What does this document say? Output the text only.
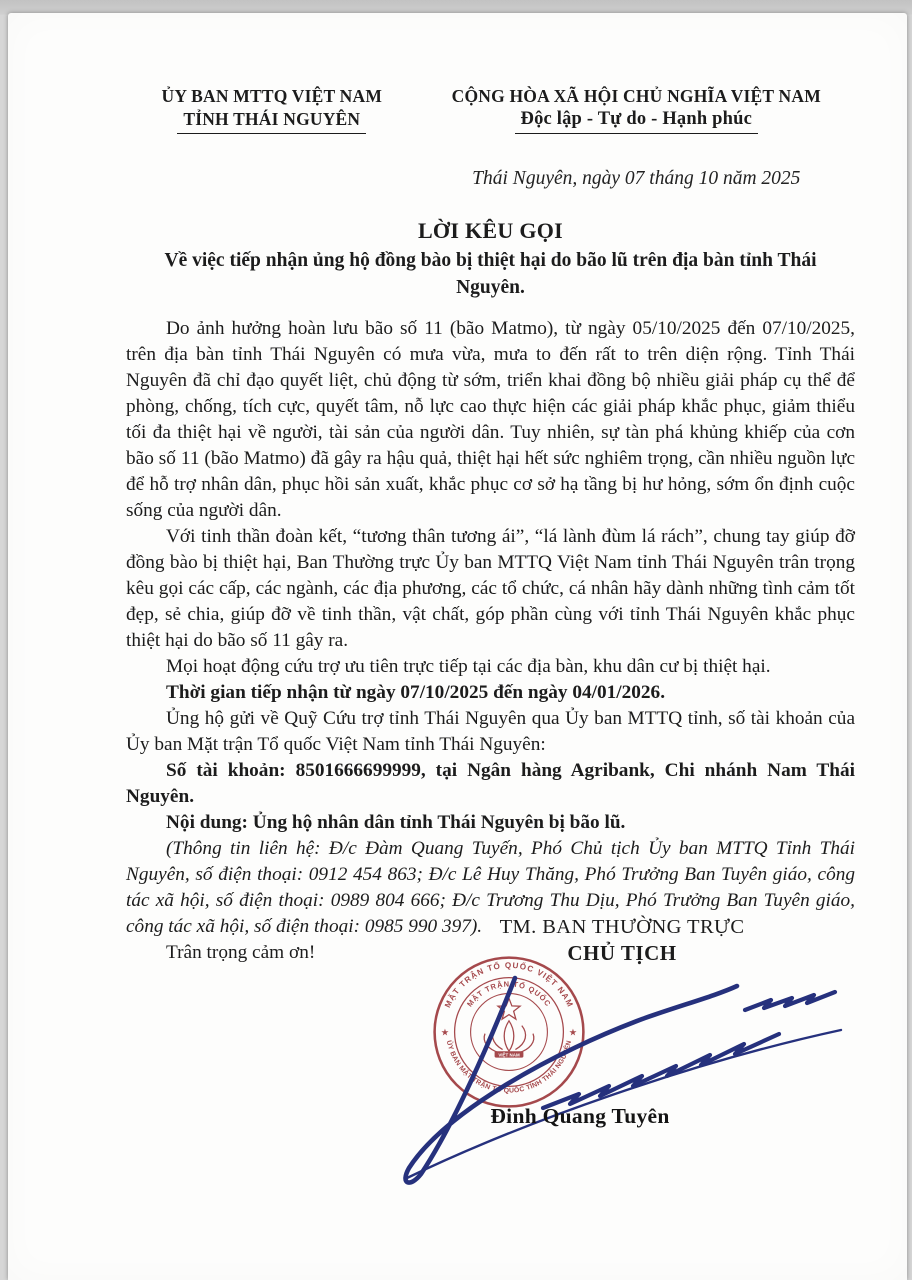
ỦY BAN MTTQ VIỆT NAM
TỈNH THÁI NGUYÊN
CỘNG HÒA XÃ HỘI CHỦ NGHĨA VIỆT NAM
Độc lập - Tự do - Hạnh phúc
Thái Nguyên, ngày 07 tháng 10 năm 2025
LỜI KÊU GỌI
Về việc tiếp nhận ủng hộ đồng bào bị thiệt hại do bão lũ trên địa bàn tỉnh Thái Nguyên.

Do ảnh hưởng hoàn lưu bão số 11 (bão Matmo), từ ngày 05/10/2025 đến 07/10/2025, trên địa bàn tỉnh Thái Nguyên có mưa vừa, mưa to đến rất to trên diện rộng. Tỉnh Thái Nguyên đã chỉ đạo quyết liệt, chủ động từ sớm, triển khai đồng bộ nhiều giải pháp cụ thể để phòng, chống, tích cực, quyết tâm, nỗ lực cao thực hiện các giải pháp khắc phục, giảm thiểu tối đa thiệt hại về người, tài sản của người dân. Tuy nhiên, sự tàn phá khủng khiếp của cơn bão số 11 (bão Matmo) đã gây ra hậu quả, thiệt hại hết sức nghiêm trọng, cần nhiều nguồn lực để hỗ trợ nhân dân, phục hồi sản xuất, khắc phục cơ sở hạ tầng bị hư hỏng, sớm ổn định cuộc sống của người dân.

Với tinh thần đoàn kết, “tương thân tương ái”, “lá lành đùm lá rách”, chung tay giúp đỡ đồng bào bị thiệt hại, Ban Thường trực Ủy ban MTTQ Việt Nam tỉnh Thái Nguyên trân trọng kêu gọi các cấp, các ngành, các địa phương, các tổ chức, cá nhân hãy dành những tình cảm tốt đẹp, sẻ chia, giúp đỡ về tinh thần, vật chất, góp phần cùng với tỉnh Thái Nguyên khắc phục thiệt hại do bão số 11 gây ra.

Mọi hoạt động cứu trợ ưu tiên trực tiếp tại các địa bàn, khu dân cư bị thiệt hại.

Thời gian tiếp nhận từ ngày 07/10/2025 đến ngày 04/01/2026.

Ủng hộ gửi về Quỹ Cứu trợ tỉnh Thái Nguyên qua Ủy ban MTTQ tỉnh, số tài khoản của Ủy ban Mặt trận Tổ quốc Việt Nam tỉnh Thái Nguyên:

Số tài khoản: 8501666699999, tại Ngân hàng Agribank, Chi nhánh Nam Thái Nguyên.

Nội dung: Ủng hộ nhân dân tỉnh Thái Nguyên bị bão lũ.

(Thông tin liên hệ: Đ/c Đàm Quang Tuyến, Phó Chủ tịch Ủy ban MTTQ Tỉnh Thái Nguyên, số điện thoại: 0912 454 863; Đ/c Lê Huy Thăng, Phó Trưởng Ban Tuyên giáo, công tác xã hội, số điện thoại: 0989 804 666; Đ/c Trương Thu Dịu, Phó Trưởng Ban Tuyên giáo, công tác xã hội, số điện thoại: 0985 990 397).

Trân trọng cảm ơn!

TM. BAN THƯỜNG TRỰC
CHỦ TỊCH
MẶT TRẬN TỔ QUỐC VIỆT NAM
ỦY BAN MẶT TRẬN TỔ QUỐC TỈNH THÁI NGUYÊN
MẶT TRẬN TỔ QUỐC
★	★
VIỆT NAM
Đinh Quang Tuyên
